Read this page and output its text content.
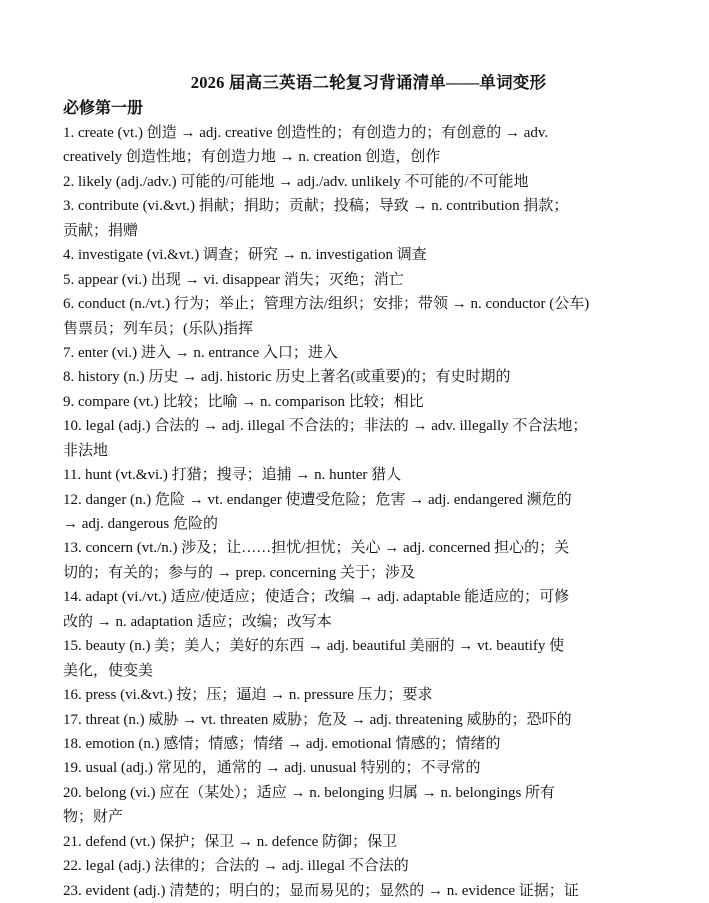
2026 届高三英语二轮复习背诵清单——单词变形
必修第一册
1. create (vt.) 创造 → adj. creative 创造性的；有创造力的；有创意的 → adv.
creatively 创造性地；有创造力地 → n. creation 创造，创作
2. likely (adj./adv.) 可能的/可能地 → adj./adv. unlikely 不可能的/不可能地
3. contribute (vi.&vt.) 捐献；捐助；贡献；投稿；导致 → n. contribution 捐款；
贡献；捐赠
4. investigate (vi.&vt.) 调查；研究 → n. investigation 调查
5. appear (vi.) 出现 → vi. disappear 消失；灭绝；消亡
6. conduct (n./vt.) 行为；举止；管理方法/组织；安排；带领 → n. conductor (公车)
售票员；列车员；(乐队)指挥
7. enter (vi.) 进入 → n. entrance 入口；进入
8. history (n.) 历史 → adj. historic 历史上著名(或重要)的；有史时期的
9. compare (vt.) 比较；比喻 → n. comparison 比较；相比
10. legal (adj.) 合法的 → adj. illegal 不合法的；非法的 → adv. illegally 不合法地；
非法地
11. hunt (vt.&vi.) 打猎；搜寻；追捕 → n. hunter 猎人
12. danger (n.) 危险 → vt. endanger 使遭受危险；危害 → adj. endangered 濒危的
→ adj. dangerous 危险的
13. concern (vt./n.) 涉及；让……担忧/担忧；关心 → adj. concerned 担心的；关
切的；有关的；参与的 → prep. concerning 关于；涉及
14. adapt (vi./vt.) 适应/使适应；使适合；改编 → adj. adaptable 能适应的；可修
改的 → n. adaptation 适应；改编；改写本
15. beauty (n.) 美；美人；美好的东西 → adj. beautiful 美丽的 → vt. beautify 使
美化，使变美
16. press (vi.&vt.) 按；压；逼迫 → n. pressure 压力；要求
17. threat (n.) 威胁 → vt. threaten 威胁；危及 → adj. threatening 威胁的；恐吓的
18. emotion (n.) 感情；情感；情绪 → adj. emotional 情感的；情绪的
19. usual (adj.) 常见的，通常的 → adj. unusual 特别的；不寻常的
20. belong (vi.) 应在（某处）；适应 → n. belonging 归属 → n. belongings 所有
物；财产
21. defend (vt.) 保护；保卫 → n. defence 防御；保卫
22. legal (adj.) 法律的；合法的 → adj. illegal 不合法的
23. evident (adj.) 清楚的；明白的；显而易见的；显然的 → n. evidence 证据；证
